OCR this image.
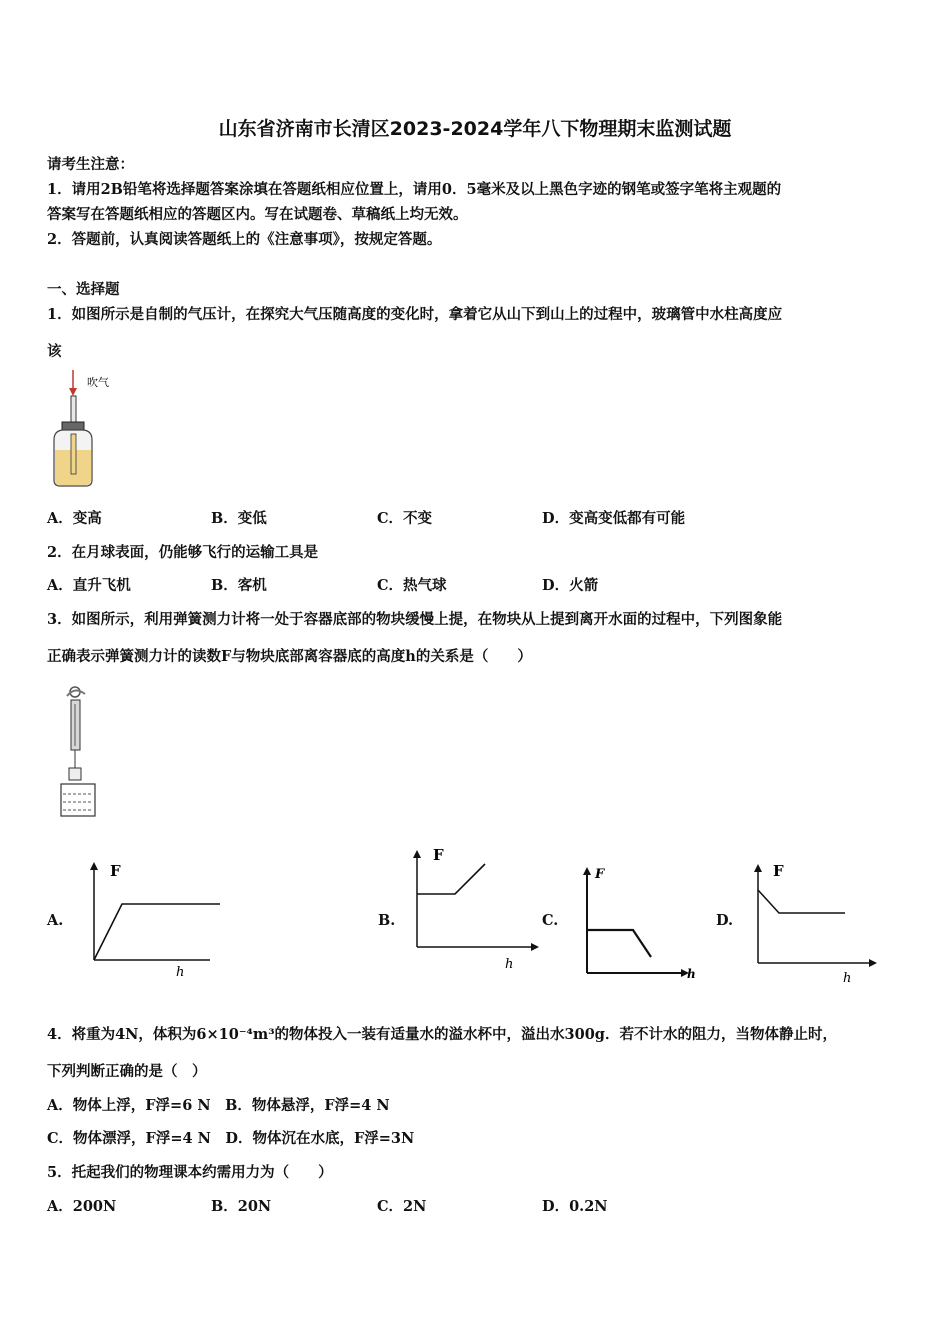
山东省济南市长清区2023-2024学年八下物理期末监测试题
请考生注意：
1．请用2B铅笔将选择题答案涂填在答题纸相应位置上，请用0．5毫米及以上黑色字迹的钢笔或签字笔将主观题的
答案写在答题纸相应的答题区内。写在试题卷、草稿纸上均无效。
2．答题前，认真阅读答题纸上的《注意事项》，按规定答题。
一、选择题
1．如图所示是自制的气压计，在探究大气压随高度的变化时，拿着它从山下到山上的过程中，玻璃管中水柱高度应
该
吹气
A．变高	B．变低	C．不变	D．变高变低都有可能
2．在月球表面，仍能够飞行的运输工具是
A．直升飞机	B．客机	C．热气球	D．火箭
3．如图所示，利用弹簧测力计将一处于容器底部的物块缓慢上提，在物块从上提到离开水面的过程中，下列图象能
正确表示弹簧测力计的读数F与物块底部离容器底的高度h的关系是（　　）
A.
F
h
B.
F
h
C.
F
h
D.
F
h
4．将重为4N，体积为6×10⁻⁴m³的物体投入一装有适量水的溢水杯中，溢出水300g．若不计水的阻力，当物体静止时，
下列判断正确的是（　）
A．物体上浮，F浮=6 N　B．物体悬浮，F浮=4 N
C．物体漂浮，F浮=4 N　D．物体沉在水底，F浮=3N
5．托起我们的物理课本约需用力为（　　）
A．200N	B．20N	C．2N	D．0.2N
